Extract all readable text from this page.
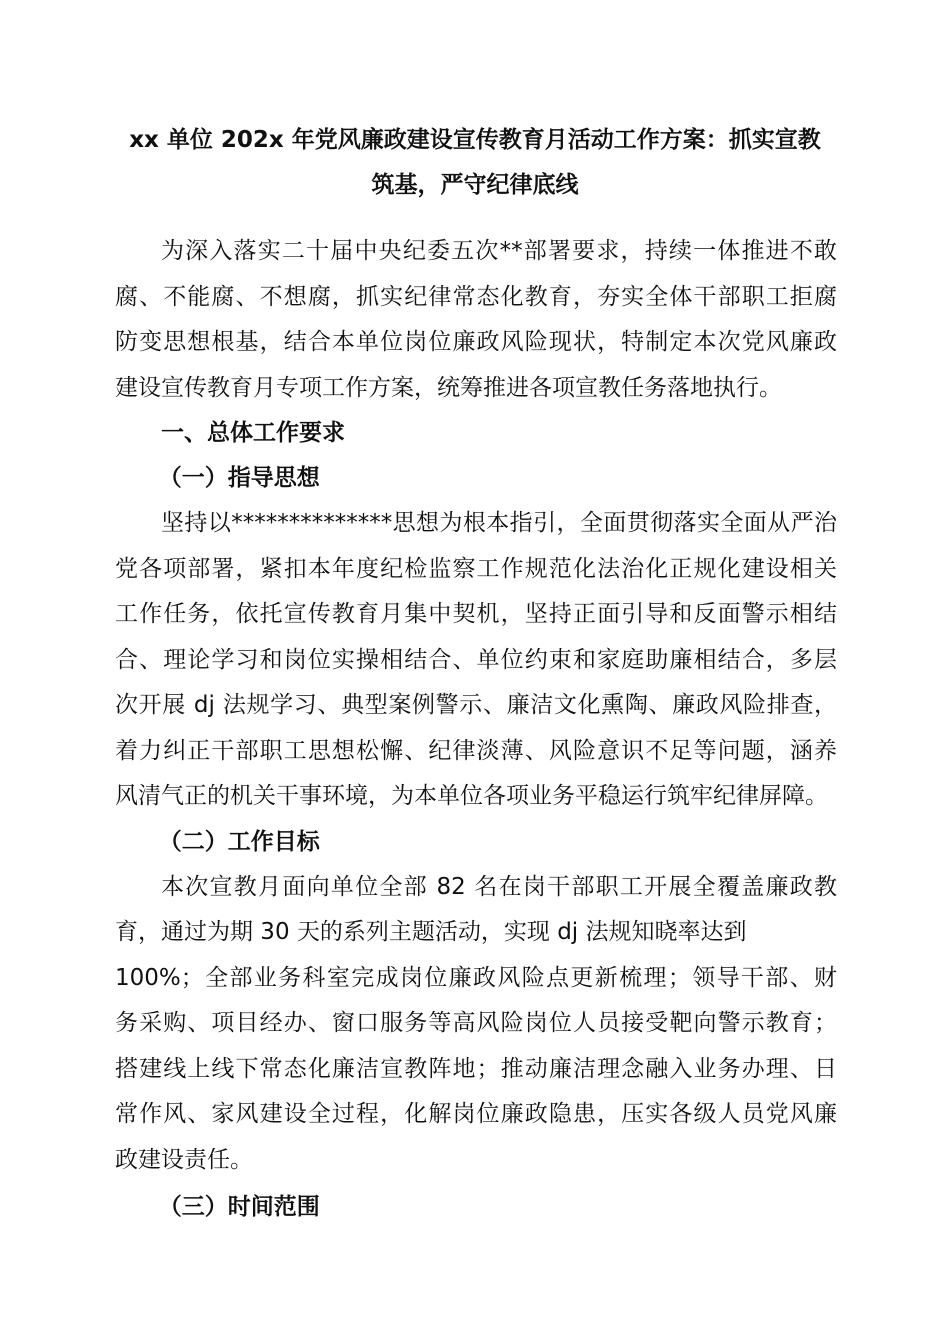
xx 单位 202x 年党风廉政建设宣传教育月活动工作方案：抓实宣教
筑基，严守纪律底线
为深入落实二十届中央纪委五次**部署要求，持续一体推进不敢
腐、不能腐、不想腐，抓实纪律常态化教育，夯实全体干部职工拒腐
防变思想根基，结合本单位岗位廉政风险现状，特制定本次党风廉政
建设宣传教育月专项工作方案，统筹推进各项宣教任务落地执行。
一、总体工作要求
（一）指导思想
坚持以**************思想为根本指引，全面贯彻落实全面从严治
党各项部署，紧扣本年度纪检监察工作规范化法治化正规化建设相关
工作任务，依托宣传教育月集中契机，坚持正面引导和反面警示相结
合、理论学习和岗位实操相结合、单位约束和家庭助廉相结合，多层
次开展 dj 法规学习、典型案例警示、廉洁文化熏陶、廉政风险排查，
着力纠正干部职工思想松懈、纪律淡薄、风险意识不足等问题，涵养
风清气正的机关干事环境，为本单位各项业务平稳运行筑牢纪律屏障。
（二）工作目标
本次宣教月面向单位全部 82 名在岗干部职工开展全覆盖廉政教
育，通过为期 30 天的系列主题活动，实现 dj 法规知晓率达到
100%；全部业务科室完成岗位廉政风险点更新梳理；领导干部、财
务采购、项目经办、窗口服务等高风险岗位人员接受靶向警示教育；
搭建线上线下常态化廉洁宣教阵地；推动廉洁理念融入业务办理、日
常作风、家风建设全过程，化解岗位廉政隐患，压实各级人员党风廉
政建设责任。
（三）时间范围
